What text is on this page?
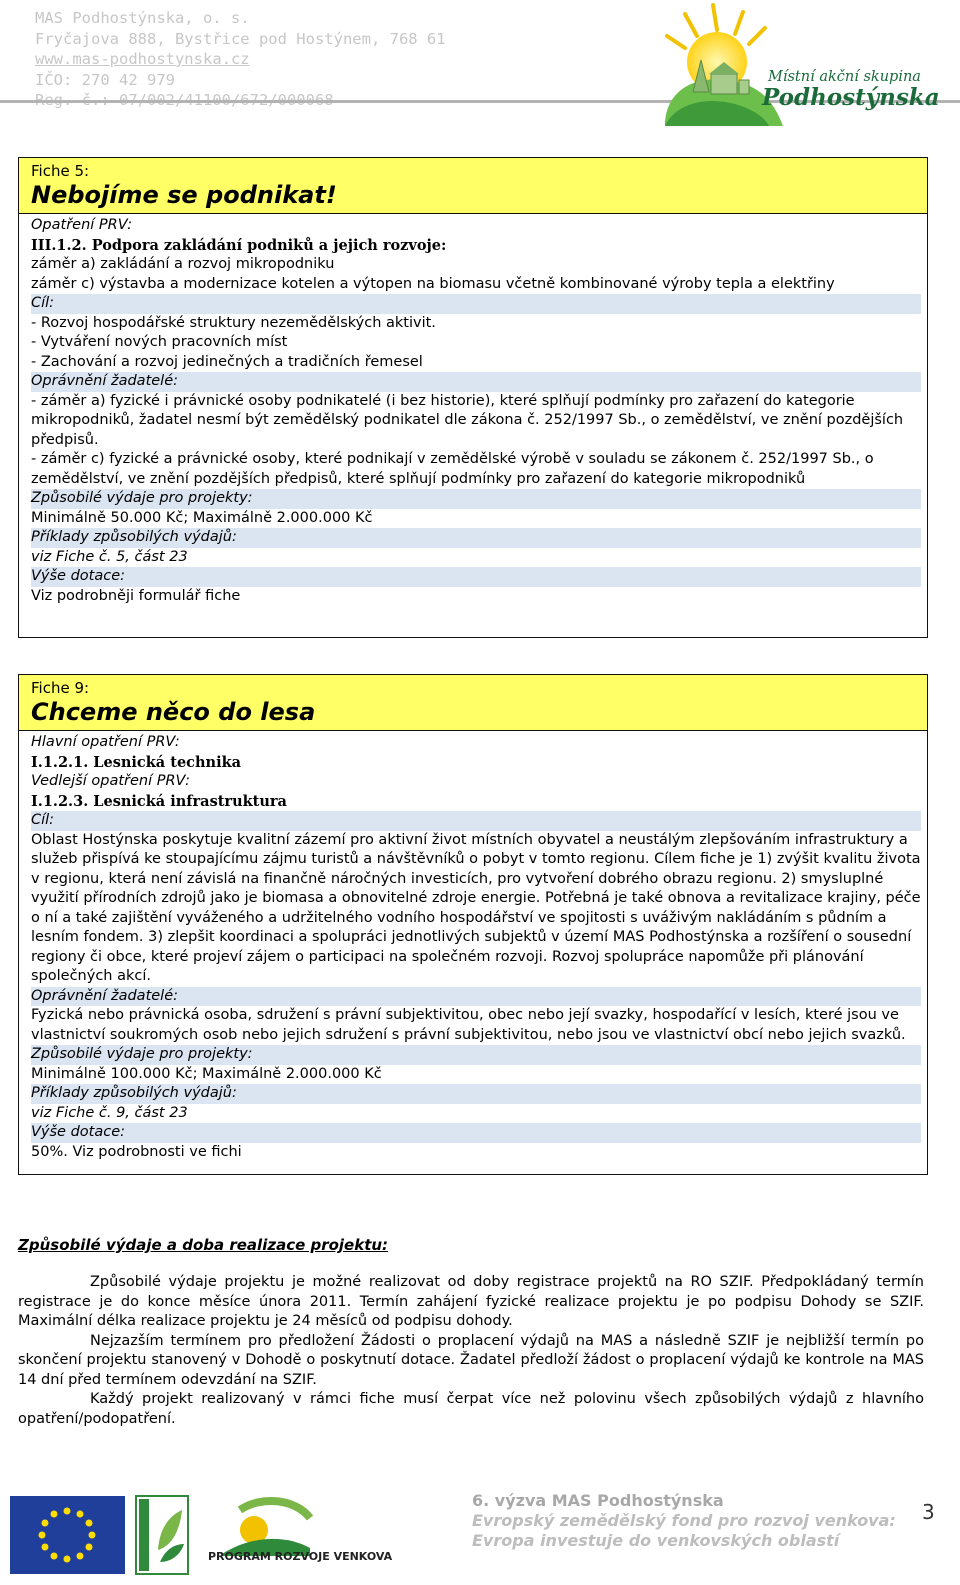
MAS Podhostýnska, o. s.
Fryčajova 888, Bystřice pod Hostýnem, 768 61
www.mas-podhostynska.cz
IČO: 270 42 979	Místní akční skupina
Podhostýnska
Fiche 5:
Nebojíme se podnikat!
Opatření PRV:
III.1.2. Podpora zakládání podniků a jejich rozvoje:
záměr a) zakládání a rozvoj mikropodniku
záměr c) výstavba a modernizace kotelen a výtopen na biomasu včetně kombinované výroby tepla a elektřiny
Cíl:
- Rozvoj hospodářské struktury nezemědělských aktivit.
- Vytváření nových pracovních míst
- Zachování a rozvoj jedinečných a tradičních řemesel
Oprávnění žadatelé:
- záměr a) fyzické i právnické osoby podnikatelé (i bez historie), které splňují podmínky pro zařazení do kategorie mikropodniků, žadatel nesmí být zemědělský podnikatel dle zákona č. 252/1997 Sb., o zemědělství, ve znění pozdějších předpisů.
- záměr c) fyzické a právnické osoby, které podnikají v zemědělské výrobě v souladu se zákonem č. 252/1997 Sb., o zemědělství, ve znění pozdějších předpisů, které splňují podmínky pro zařazení do kategorie mikropodniků
Způsobilé výdaje pro projekty:
Minimálně 50.000 Kč; Maximálně 2.000.000 Kč
Příklady způsobilých výdajů:
viz Fiche č. 5, část 23
Výše dotace:
Viz podrobněji formulář fiche
Fiche 9:
Chceme něco do lesa
Hlavní opatření PRV:
I.1.2.1. Lesnická technika
Vedlejší opatření PRV:
I.1.2.3. Lesnická infrastruktura
Cíl:
Oblast Hostýnska poskytuje kvalitní zázemí pro aktivní život místních obyvatel a neustálým zlepšováním infrastruktury a služeb přispívá ke stoupajícímu zájmu turistů a návštěvníků o pobyt v tomto regionu. Cílem fiche je 1) zvýšit kvalitu života v regionu, která není závislá na finančně náročných investicích, pro vytvoření dobrého obrazu regionu. 2) smysluplné využití přírodních zdrojů jako je biomasa a obnovitelné zdroje energie. Potřebná je také obnova a revitalizace krajiny, péče o ní a také zajištění vyváženého a udržitelného vodního hospodářství ve spojitosti s uváživým nakládáním s půdním a lesním fondem. 3) zlepšit koordinaci a spolupráci jednotlivých subjektů v území MAS Podhostýnska a rozšíření o sousední regiony či obce, které projeví zájem o participaci na společném rozvoji. Rozvoj spolupráce napomůže při plánování společných akcí.
Oprávnění žadatelé:
Fyzická nebo právnická osoba, sdružení s právní subjektivitou, obec nebo její svazky, hospodařící v lesích, které jsou ve vlastnictví soukromých osob nebo jejich sdružení s právní subjektivitou, nebo jsou ve vlastnictví obcí nebo jejich svazků.
Způsobilé výdaje pro projekty:
Minimálně 100.000 Kč; Maximálně 2.000.000 Kč
Příklady způsobilých výdajů:
viz Fiche č. 9, část 23
Výše dotace:
50%. Viz podrobnosti ve fichi
Způsobilé výdaje a doba realizace projektu:

Způsobilé výdaje projektu je možné realizovat od doby registrace projektů na RO SZIF. Předpokládaný termín registrace je do konce měsíce února 2011. Termín zahájení fyzické realizace projektu je po podpisu Dohody se SZIF. Maximální délka realizace projektu je 24 měsíců od podpisu dohody.

Nejzazším termínem pro předložení Žádosti o proplacení výdajů na MAS a následně SZIF je nejbližší termín po skončení projektu stanovený v Dohodě o poskytnutí dotace. Žadatel předloží žádost o proplacení výdajů ke kontrole na MAS 14 dní před termínem odevzdání na SZIF.

Každý projekt realizovaný v rámci fiche musí čerpat více než polovinu všech způsobilých výdajů z hlavního opatření/podopatření.

PROGRAM ROZVOJE VENKOVA
6. výzva MAS Podhostýnska
Evropský zemědělský fond pro rozvoj venkova:
Evropa investuje do venkovských oblastí
3
